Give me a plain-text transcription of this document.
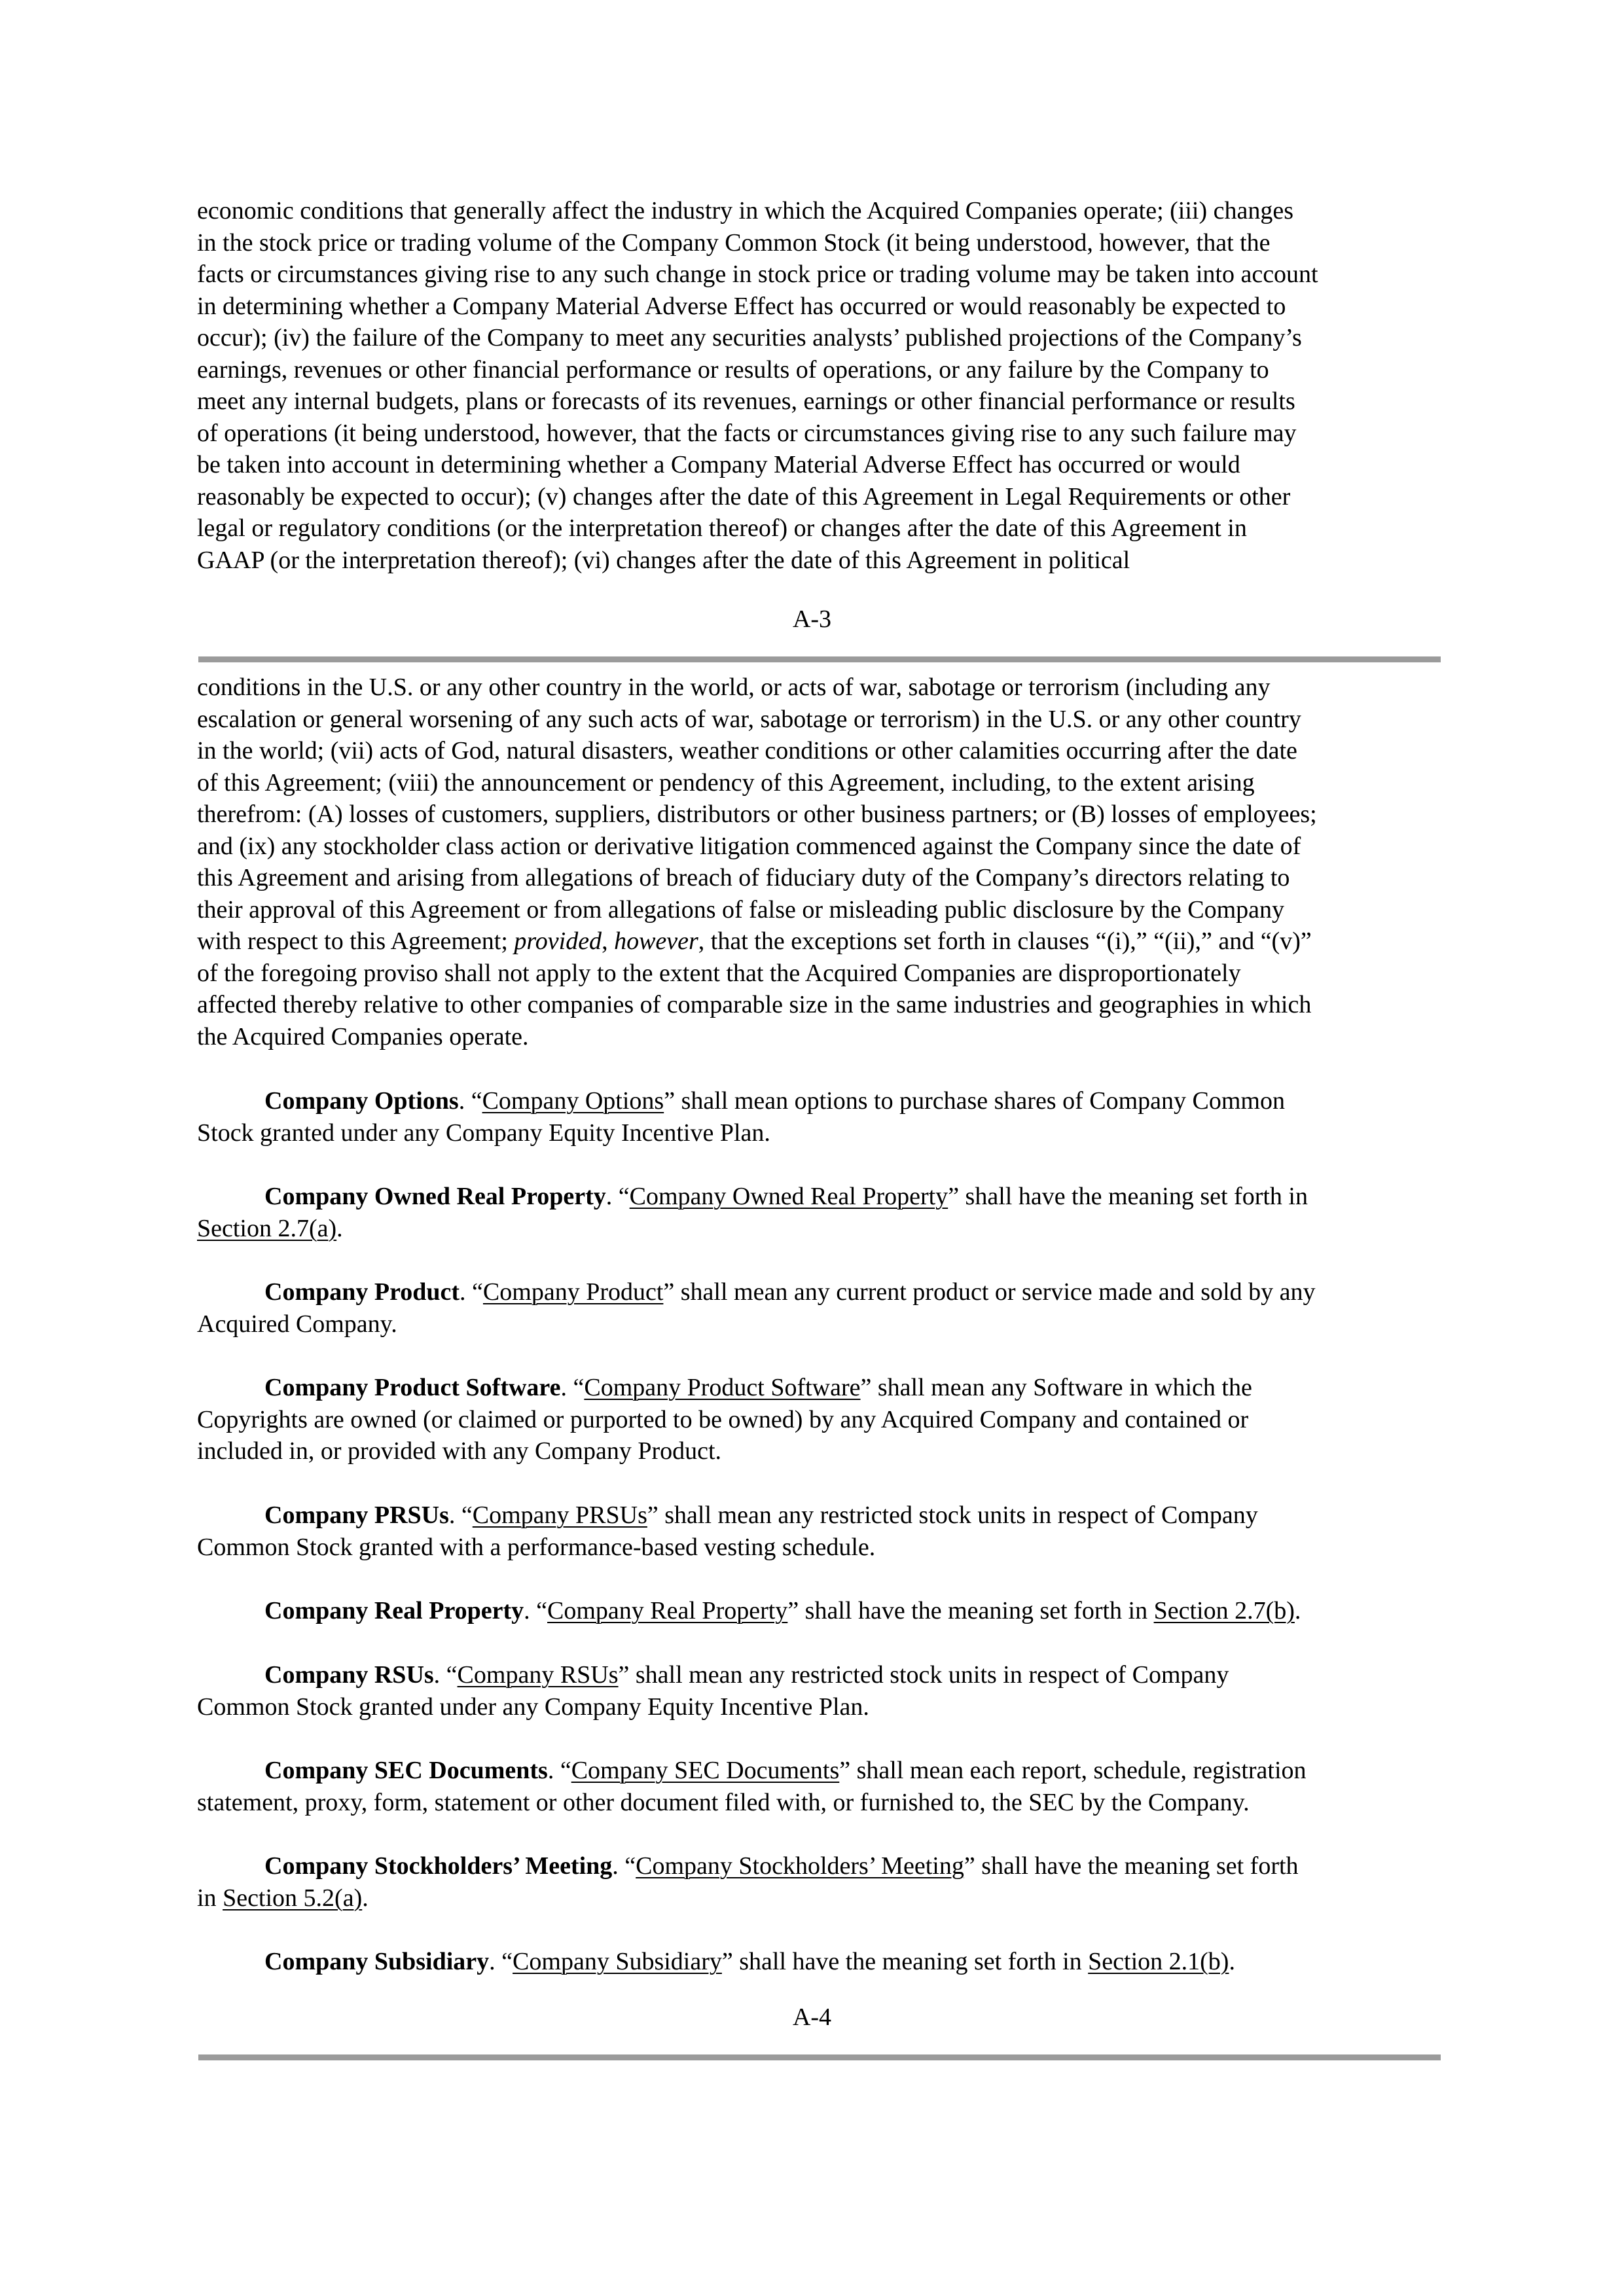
economic conditions that generally affect the industry in which the Acquired Companies operate; (iii) changes

in the stock price or trading volume of the Company Common Stock (it being understood, however, that the

facts or circumstances giving rise to any such change in stock price or trading volume may be taken into account

in determining whether a Company Material Adverse Effect has occurred or would reasonably be expected to

occur); (iv) the failure of the Company to meet any securities analysts’ published projections of the Company’s

earnings, revenues or other financial performance or results of operations, or any failure by the Company to

meet any internal budgets, plans or forecasts of its revenues, earnings or other financial performance or results

of operations (it being understood, however, that the facts or circumstances giving rise to any such failure may

be taken into account in determining whether a Company Material Adverse Effect has occurred or would

reasonably be expected to occur); (v) changes after the date of this Agreement in Legal Requirements or other

legal or regulatory conditions (or the interpretation thereof) or changes after the date of this Agreement in

GAAP (or the interpretation thereof); (vi) changes after the date of this Agreement in political

A-3

conditions in the U.S. or any other country in the world, or acts of war, sabotage or terrorism (including any

escalation or general worsening of any such acts of war, sabotage or terrorism) in the U.S. or any other country

in the world; (vii) acts of God, natural disasters, weather conditions or other calamities occurring after the date

of this Agreement; (viii) the announcement or pendency of this Agreement, including, to the extent arising

therefrom: (A) losses of customers, suppliers, distributors or other business partners; or (B) losses of employees;

and (ix) any stockholder class action or derivative litigation commenced against the Company since the date of

this Agreement and arising from allegations of breach of fiduciary duty of the Company’s directors relating to

their approval of this Agreement or from allegations of false or misleading public disclosure by the Company

with respect to this Agreement; provided, however, that the exceptions set forth in clauses “(i),” “(ii),” and “(v)”

of the foregoing proviso shall not apply to the extent that the Acquired Companies are disproportionately

affected thereby relative to other companies of comparable size in the same industries and geographies in which

the Acquired Companies operate.

Company Options. “Company Options” shall mean options to purchase shares of Company Common

Stock granted under any Company Equity Incentive Plan.

Company Owned Real Property. “Company Owned Real Property” shall have the meaning set forth in

Section 2.7(a).

Company Product. “Company Product” shall mean any current product or service made and sold by any

Acquired Company.

Company Product Software. “Company Product Software” shall mean any Software in which the

Copyrights are owned (or claimed or purported to be owned) by any Acquired Company and contained or

included in, or provided with any Company Product.

Company PRSUs. “Company PRSUs” shall mean any restricted stock units in respect of Company

Common Stock granted with a performance-based vesting schedule.

Company Real Property. “Company Real Property” shall have the meaning set forth in Section 2.7(b).

Company RSUs. “Company RSUs” shall mean any restricted stock units in respect of Company

Common Stock granted under any Company Equity Incentive Plan.

Company SEC Documents. “Company SEC Documents” shall mean each report, schedule, registration

statement, proxy, form, statement or other document filed with, or furnished to, the SEC by the Company.

Company Stockholders’ Meeting. “Company Stockholders’ Meeting” shall have the meaning set forth

in Section 5.2(a).

Company Subsidiary. “Company Subsidiary” shall have the meaning set forth in Section 2.1(b).

A-4
